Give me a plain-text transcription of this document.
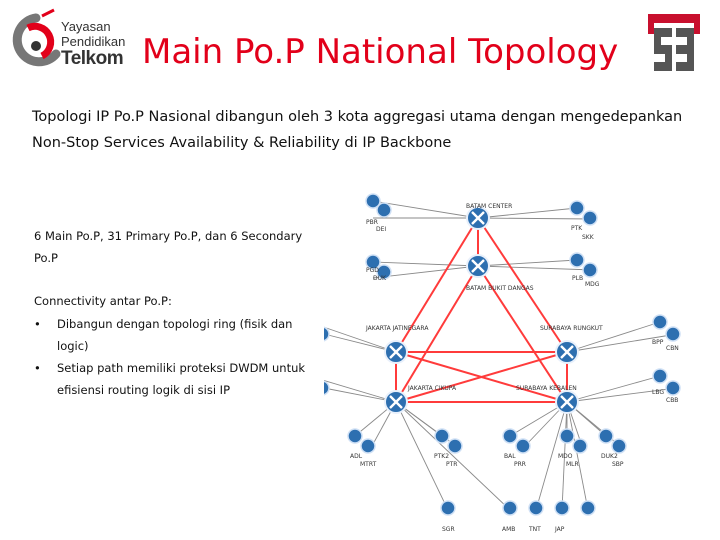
Yayasan
Pendidikan
Telkom Main Po.P National Topology
Topologi IP Po.P Nasional dibangun oleh 3 kota aggregasi utama dengan mengedepankan
Non-Stop Services Availability & Reliability di IP Backbone
BATAM CENTER
BATAM BUKIT DANGAS
JAKARTA JATINEGARA
JAKARTA CIKUPA
SURABAYA RUNGKUT
SURABAYA KEBALEN
PBR
DEI
PGD
DUK
PTK
SKK
PLB
MDG
BPP
CBN
LBG
CBB
ADL
MTRT
PTK2
PTR
BAL
PRR
MDO
MLR
DUK2
SBP
SGR	AMB TNT JAP
6 Main Po.P, 31 Primary Po.P, dan 6 Secondary
Po.P
Connectivity antar Po.P:
• Dibangun dengan topologi ring (fisik dan
logic)
• Setiap path memiliki proteksi DWDM untuk
efisiensi routing logik di sisi IP
